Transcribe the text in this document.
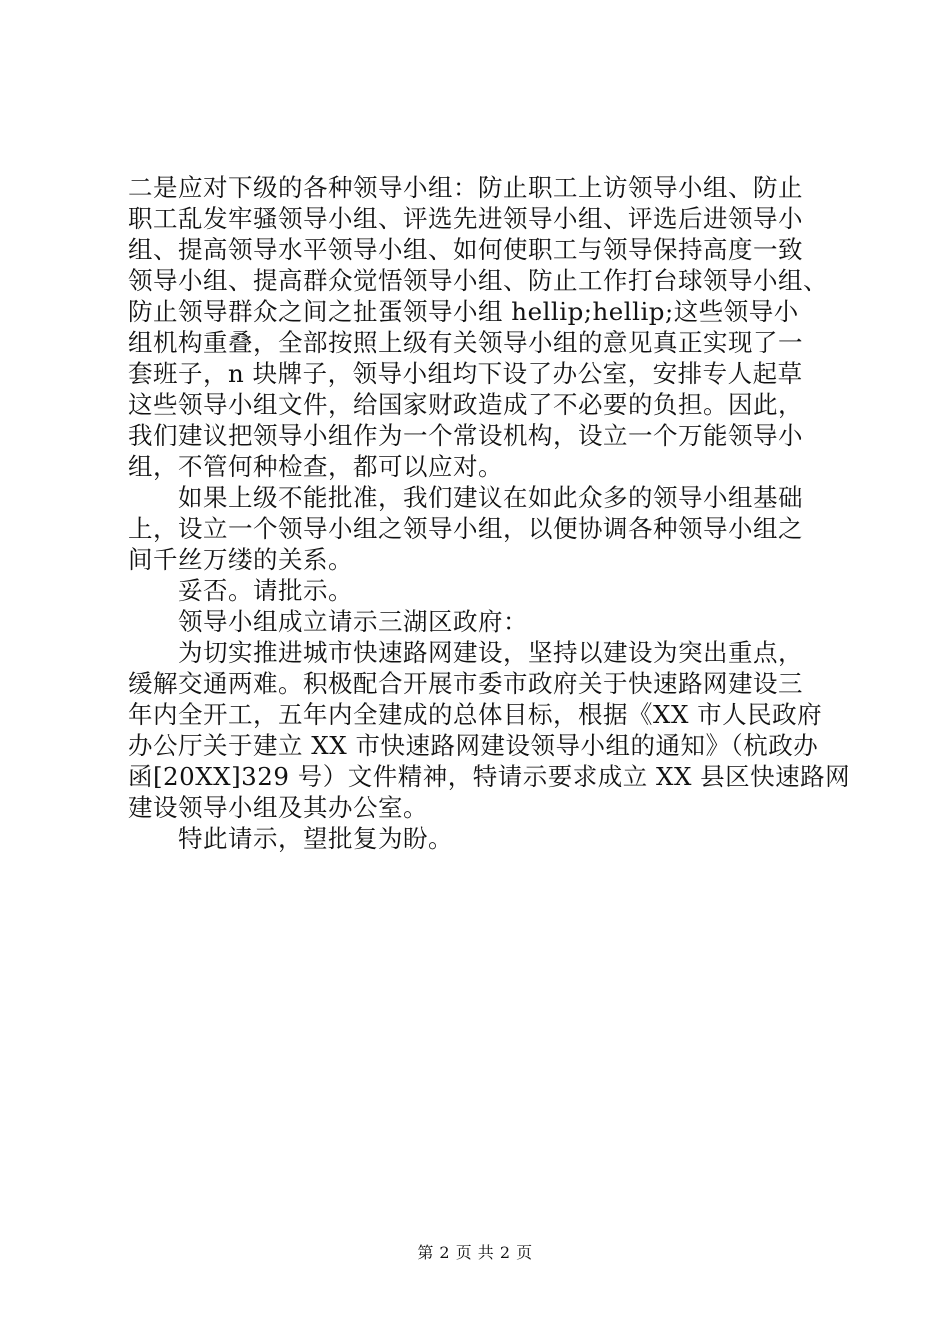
二是应对下级的各种领导小组：防止职工上访领导小组、防止
职工乱发牢骚领导小组、评选先进领导小组、评选后进领导小
组、提高领导水平领导小组、如何使职工与领导保持高度一致
领导小组、提高群众觉悟领导小组、防止工作打台球领导小组、
防止领导群众之间之扯蛋领导小组 hellip;hellip;这些领导小
组机构重叠，全部按照上级有关领导小组的意见真正实现了一
套班子，n 块牌子，领导小组均下设了办公室，安排专人起草
这些领导小组文件，给国家财政造成了不必要的负担。因此，
我们建议把领导小组作为一个常设机构，设立一个万能领导小
组，不管何种检查，都可以应对。
如果上级不能批准，我们建议在如此众多的领导小组基础
上，设立一个领导小组之领导小组，以便协调各种领导小组之
间千丝万缕的关系。
妥否。请批示。
领导小组成立请示三湖区政府：
为切实推进城市快速路网建设，坚持以建设为突出重点，
缓解交通两难。积极配合开展市委市政府关于快速路网建设三
年内全开工，五年内全建成的总体目标，根据《XX 市人民政府
办公厅关于建立 XX 市快速路网建设领导小组的通知》（杭政办
函[20XX]329 号）文件精神，特请示要求成立 XX 县区快速路网
建设领导小组及其办公室。
特此请示，望批复为盼。
第 2 页 共 2 页
